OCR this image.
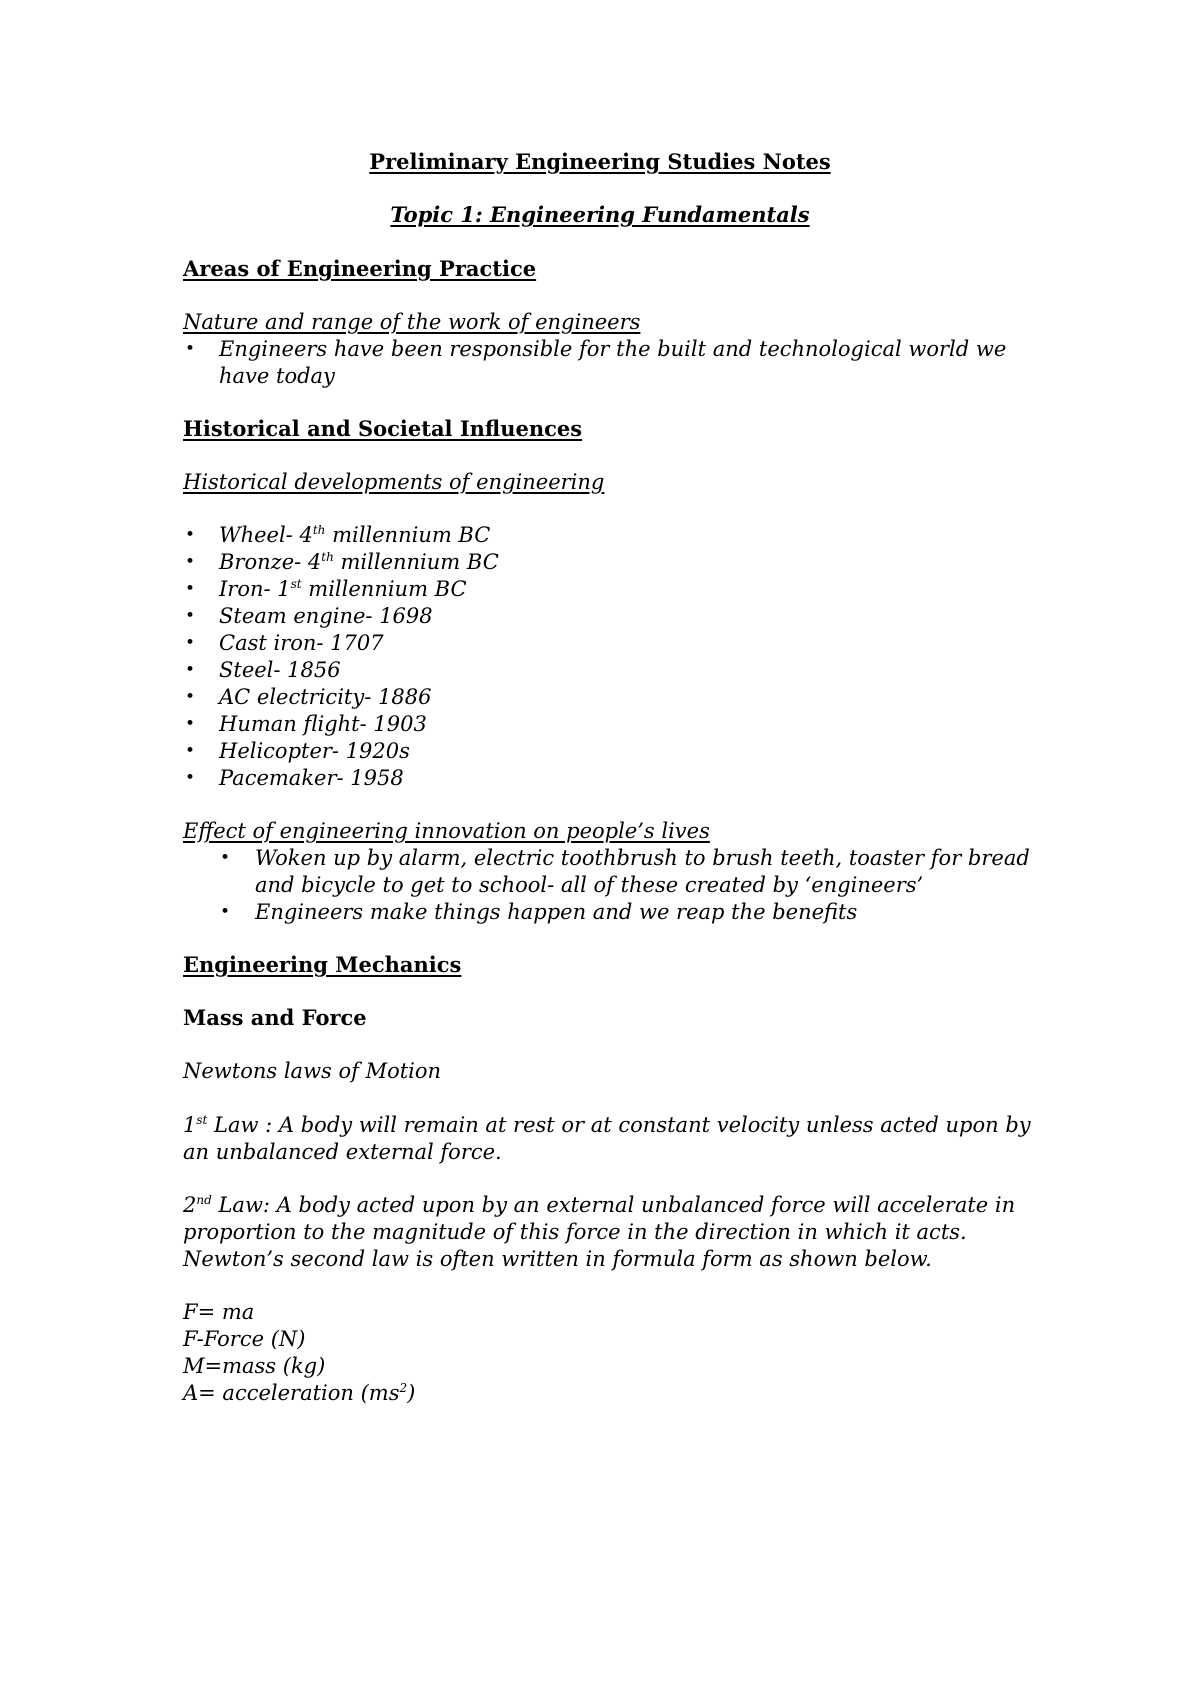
Preliminary Engineering Studies Notes
Topic 1: Engineering Fundamentals
Areas of Engineering Practice
Nature and range of the work of engineers
• Engineers have been responsible for the built and technological world we
have today
Historical and Societal Influences
Historical developments of engineering
• Wheel- 4th millennium BC
• Bronze- 4th millennium BC
• Iron- 1st millennium BC
• Steam engine- 1698
• Cast iron- 1707
• Steel- 1856
• AC electricity- 1886
• Human flight- 1903
• Helicopter- 1920s
• Pacemaker- 1958
Effect of engineering innovation on people’s lives
• Woken up by alarm, electric toothbrush to brush teeth, toaster for bread
and bicycle to get to school- all of these created by ‘engineers’
• Engineers make things happen and we reap the benefits
Engineering Mechanics
Mass and Force
Newtons laws of Motion
1st Law : A body will remain at rest or at constant velocity unless acted upon by
an unbalanced external force.
2nd Law: A body acted upon by an external unbalanced force will accelerate in
proportion to the magnitude of this force in the direction in which it acts.
Newton’s second law is often written in formula form as shown below.
F= ma
F-Force (N)
M=mass (kg)
A= acceleration $(ms^2)$
